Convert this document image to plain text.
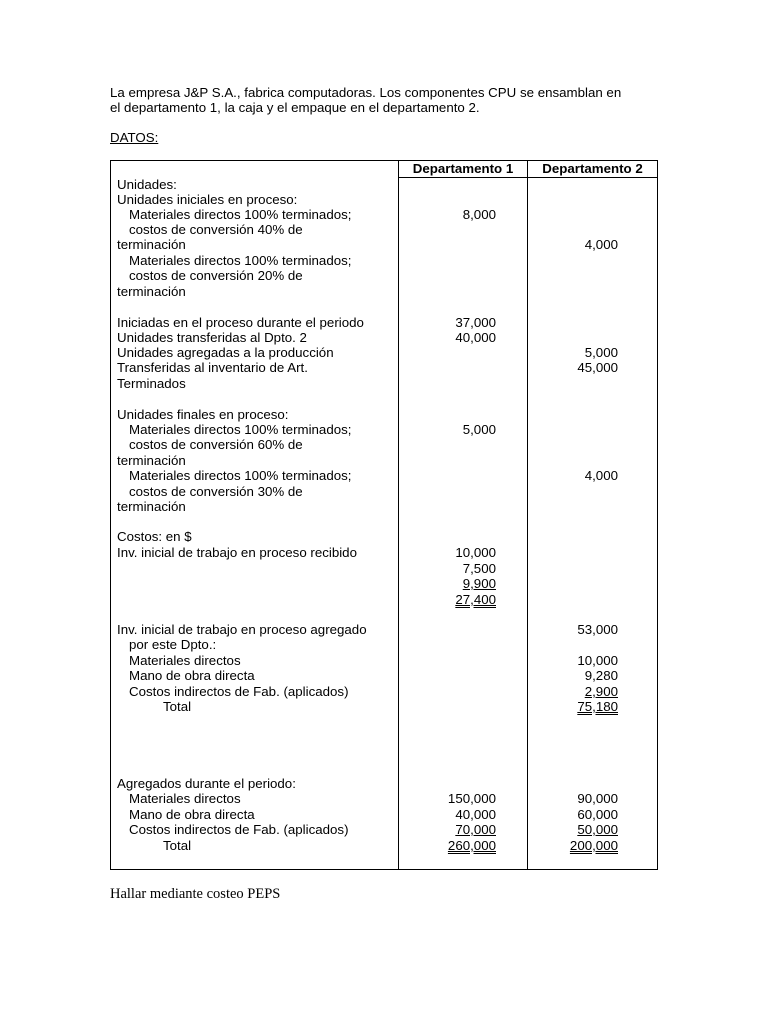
La empresa J&P S.A., fabrica computadoras. Los componentes CPU se ensamblan en
el departamento 1, la caja y el empaque en el departamento 2.
DATOS:
Departamento 1	Departamento 2
Unidades:
Unidades iniciales en proceso:
Materiales directos 100% terminados;
costos de conversión 40% de
terminación
Materiales directos 100% terminados;
costos de conversión 20% de
terminación
Iniciadas en el proceso durante el periodo
Unidades transferidas al Dpto. 2
Unidades agregadas a la producción
Transferidas al inventario de Art.
Terminados
Unidades finales en proceso:
Materiales directos 100% terminados;
costos de conversión 60% de
terminación
Materiales directos 100% terminados;
costos de conversión 30% de
terminación
Costos: en $
Inv. inicial de trabajo en proceso recibido
Inv. inicial de trabajo en proceso agregado
por este Dpto.:
Materiales directos
Mano de obra directa
Costos indirectos de Fab. (aplicados)
Total
Agregados durante el periodo:
Materiales directos
Mano de obra directa
Costos indirectos de Fab. (aplicados)
Total
8,000
37,000
40,000
5,000
10,000
7,500
9,900
27,400
150,000
40,000
70,000
260,000
4,000
5,000
45,000
4,000
53,000
10,000
9,280
2,900
75,180
90,000
60,000
50,000
200,000
Hallar mediante costeo PEPS
